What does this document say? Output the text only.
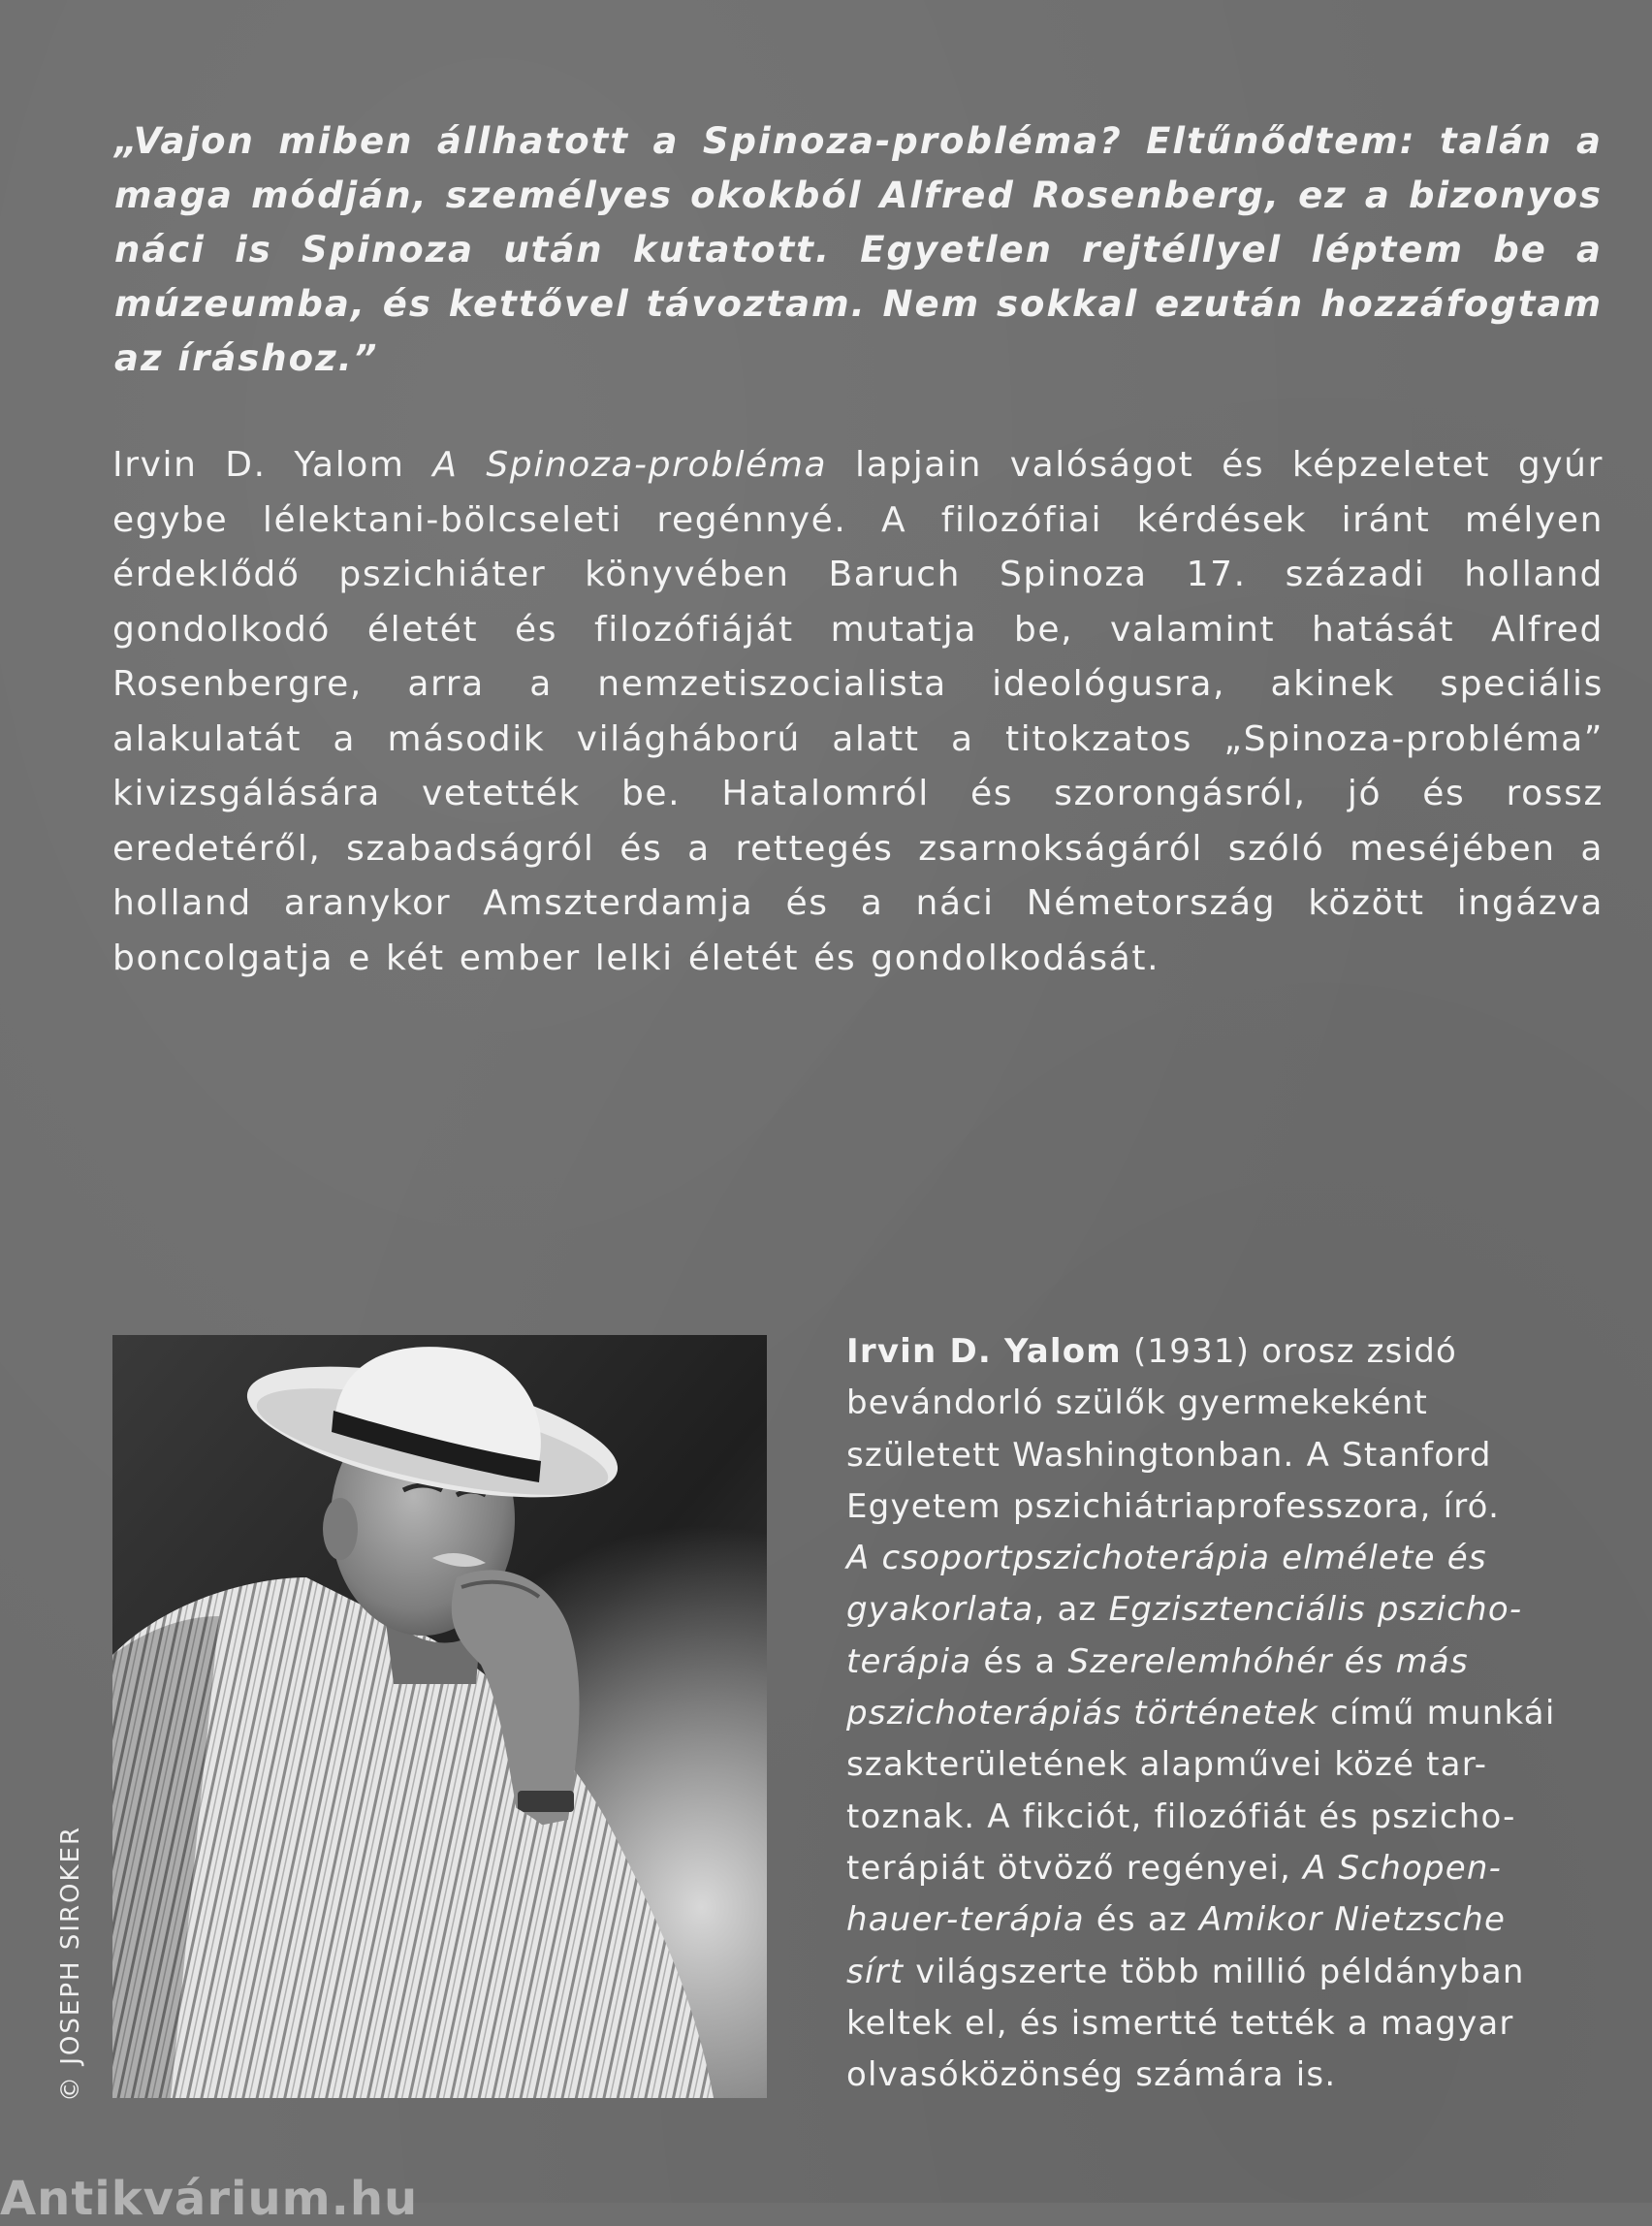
„Vajon miben állhatott a Spinoza-probléma? Eltűnődtem: talán a maga módján, személyes okokból Alfred Rosenberg, ez a bizonyos náci is Spinoza után kutatott. Egyetlen rejtéllyel léptem be a múzeumba, és kettővel távoztam. Nem sokkal ezután hozzáfogtam az íráshoz.”

Irvin D. Yalom A Spinoza-probléma lapjain valóságot és képzeletet gyúr egybe lélektani-bölcseleti regénnyé. A filozófiai kérdések iránt mélyen érdeklődő pszichiáter könyvében Baruch Spinoza 17. századi holland gondolkodó életét és filozófiáját mutatja be, valamint hatását Alfred Rosenbergre, arra a nemzetiszocialista ideológusra, akinek speciális alakulatát a második világháború alatt a titokzatos „Spinoza-probléma” kivizsgálására vetették be. Hatalomról és szorongásról, jó és rossz eredetéről, szabadságról és a rettegés zsarnokságáról szóló meséjében a holland aranykor Amszterdamja és a náci Németország között ingázva boncolgatja e két ember lelki életét és gondolkodását.

© JOSEPH SIROKER

Irvin D. Yalom (1931) orosz zsidó
bevándorló szülők gyermekeként
született Washingtonban. A Stanford
Egyetem pszichiátriaprofesszora, író.
A csoportpszichoterápia elmélete és
gyakorlata, az Egzisztenciális pszicho-
terápia és a Szerelemhóhér és más
pszichoterápiás történetek című munkái
szakterületének alapművei közé tar-
toznak. A fikciót, filozófiát és pszicho-
terápiát ötvöző regényei, A Schopen-
hauer-terápia és az Amikor Nietzsche
sírt világszerte több millió példányban
keltek el, és ismertté tették a magyar
olvasóközönség számára is.

Antikvárium.hu
